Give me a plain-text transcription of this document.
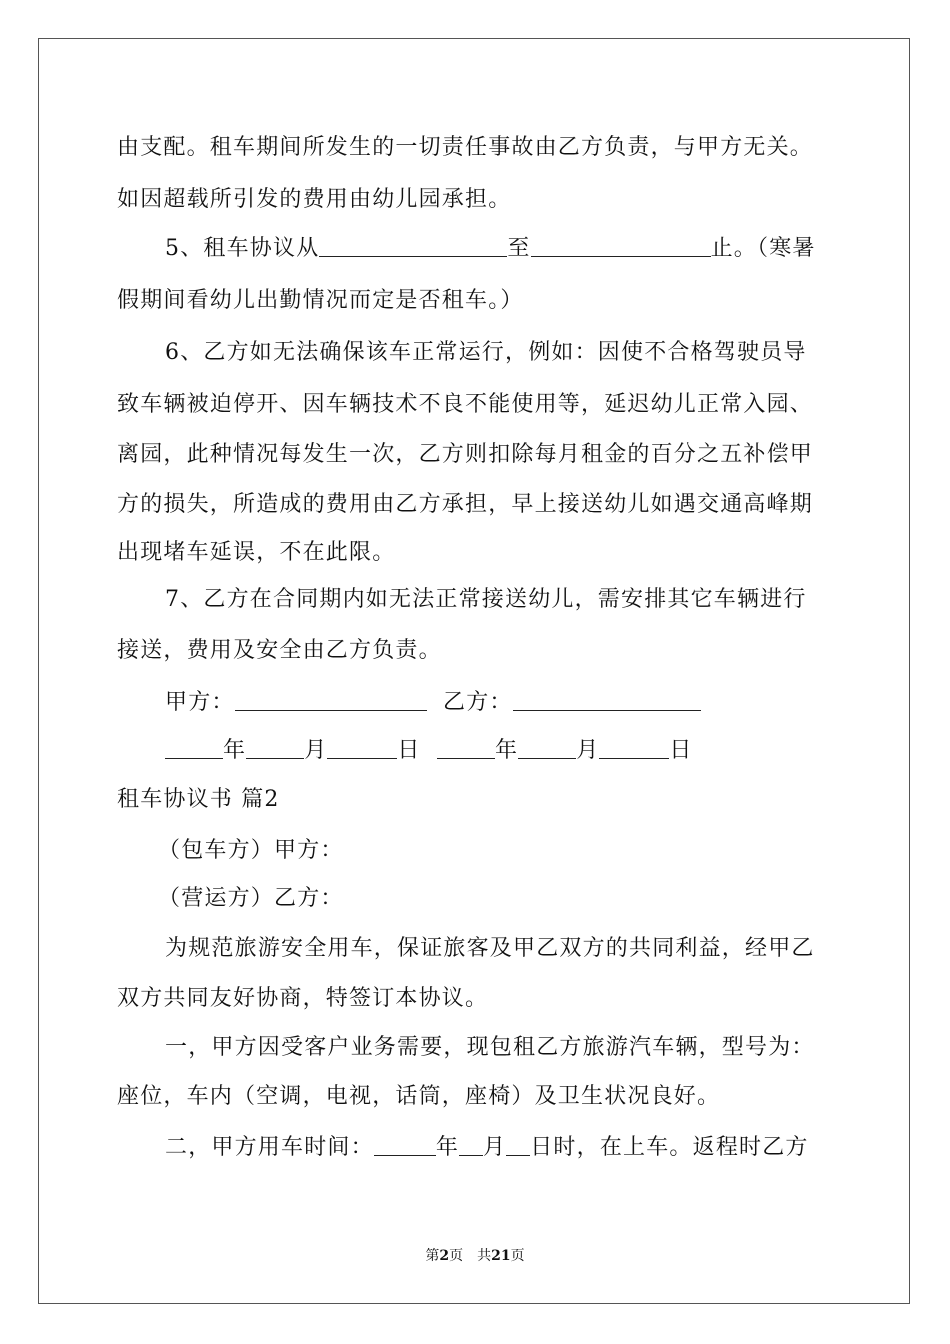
由支配。租车期间所发生的一切责任事故由乙方负责，与甲方无关。
如因超载所引发的费用由幼儿园承担。
5、租车协议从	至	止。（寒暑
假期间看幼儿出勤情况而定是否租车。）
6、乙方如无法确保该车正常运行，例如：因使不合格驾驶员导
致车辆被迫停开、因车辆技术不良不能使用等，延迟幼儿正常入园、
离园，此种情况每发生一次，乙方则扣除每月租金的百分之五补偿甲
方的损失，所造成的费用由乙方承担，早上接送幼儿如遇交通高峰期
出现堵车延误，不在此限。
7、乙方在合同期内如无法正常接送幼儿，需安排其它车辆进行
接送，费用及安全由乙方负责。
甲方：	乙方：
年	月	日	年	月	日
租车协议书 篇2
（包车方）甲方：
（营运方）乙方：
为规范旅游安全用车，保证旅客及甲乙双方的共同利益，经甲乙
双方共同友好协商，特签订本协议。
一，甲方因受客户业务需要，现包租乙方旅游汽车辆，型号为：
座位，车内（空调，电视，话筒，座椅）及卫生状况良好。
二，甲方用车时间：	年 月 日时，在上车。返程时乙方
第2页　共21页
